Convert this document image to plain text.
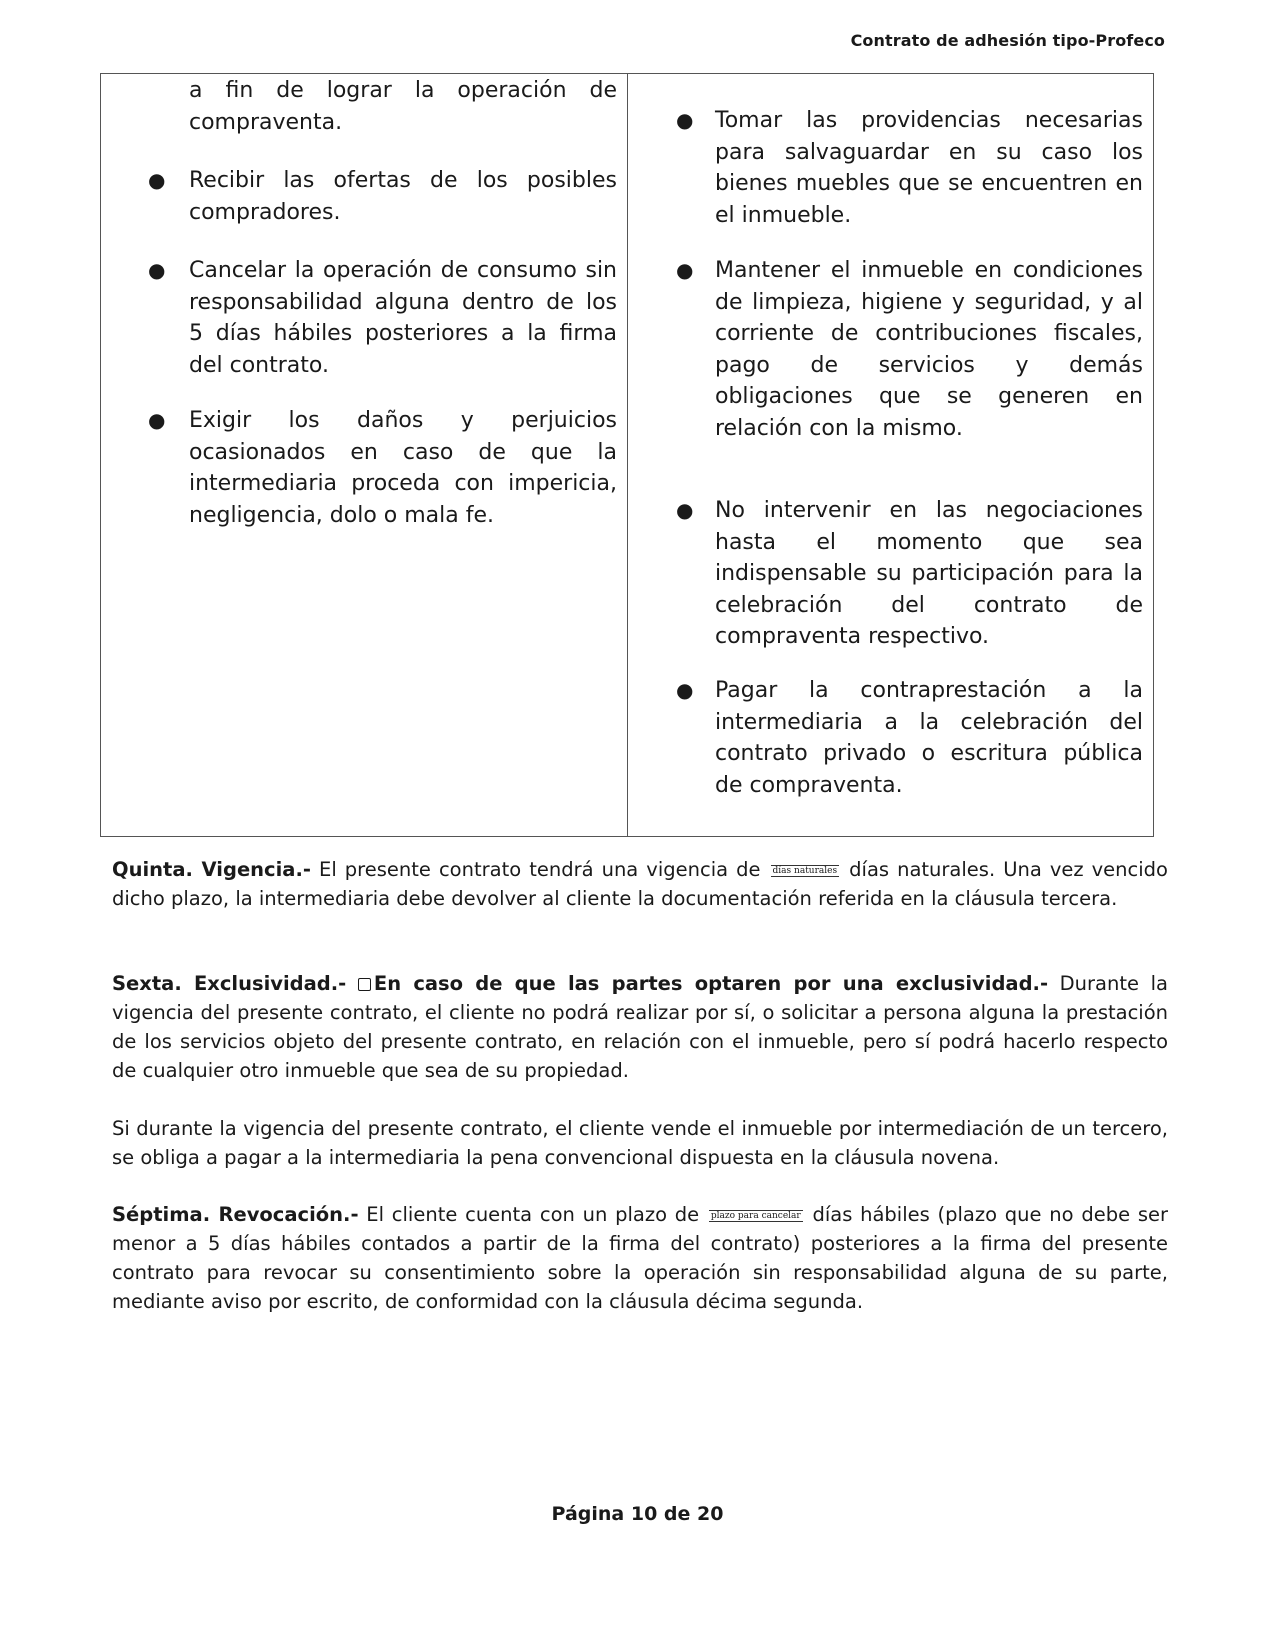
Contrato de adhesión tipo-Profeco
a fin de lograr la operación de compraventa.
● Recibir las ofertas de los posibles compradores.
● Cancelar la operación de consumo sin responsabilidad alguna dentro de los 5 días hábiles posteriores a la firma del contrato.
● Exigir los daños y perjuicios ocasionados en caso de que la intermediaria proceda con impericia, negligencia, dolo o mala fe.
● Tomar las providencias necesarias para salvaguardar en su caso los bienes muebles que se encuentren en el inmueble.
● Mantener el inmueble en condiciones de limpieza, higiene y seguridad, y al corriente de contribuciones fiscales, pago de servicios y demás obligaciones que se generen en relación con la mismo.
● No intervenir en las negociaciones hasta el momento que sea indispensable su participación para la celebración del contrato de compraventa respectivo.
● Pagar la contraprestación a la intermediaria a la celebración del contrato privado o escritura pública de compraventa.

Quinta. Vigencia.- El presente contrato tendrá una vigencia de días naturales días naturales. Una vez vencido dicho plazo, la intermediaria debe devolver al cliente la documentación referida en la cláusula tercera.

Sexta. Exclusividad.- En caso de que las partes optaren por una exclusividad.- Durante la vigencia del presente contrato, el cliente no podrá realizar por sí, o solicitar a persona alguna la prestación de los servicios objeto del presente contrato, en relación con el inmueble, pero sí podrá hacerlo respecto de cualquier otro inmueble que sea de su propiedad.

Si durante la vigencia del presente contrato, el cliente vende el inmueble por intermediación de un tercero, se obliga a pagar a la intermediaria la pena convencional dispuesta en la cláusula novena.

Séptima. Revocación.- El cliente cuenta con un plazo de plazo para cancelar días hábiles (plazo que no debe ser menor a 5 días hábiles contados a partir de la firma del contrato) posteriores a la firma del presente contrato para revocar su consentimiento sobre la operación sin responsabilidad alguna de su parte, mediante aviso por escrito, de conformidad con la cláusula décima segunda.

Página 10 de 20
